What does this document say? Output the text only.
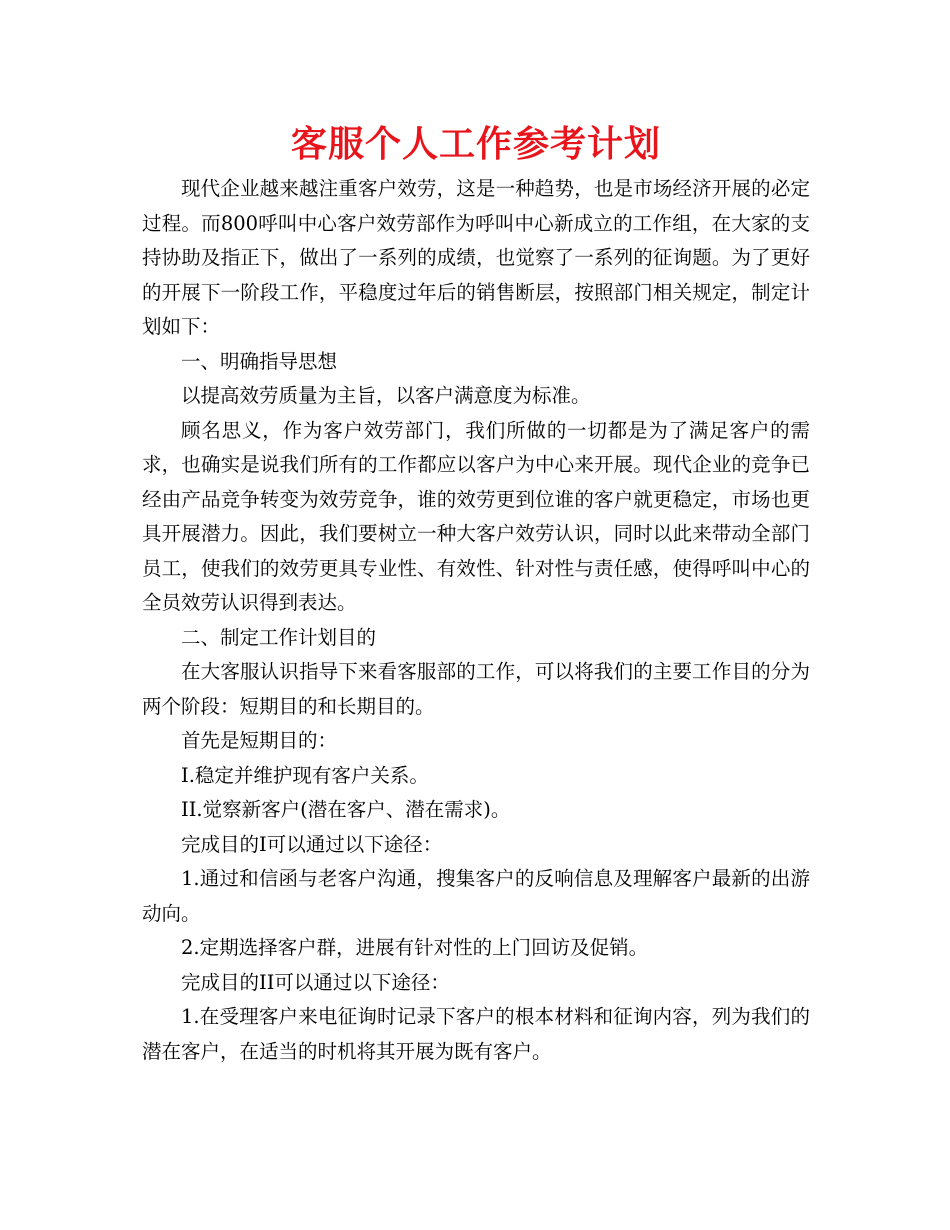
客服个人工作参考计划

现代企业越来越注重客户效劳，这是一种趋势，也是市场经济开展的必定过程。而800呼叫中心客户效劳部作为呼叫中心新成立的工作组，在大家的支持协助及指正下，做出了一系列的成绩，也觉察了一系列的征询题。为了更好的开展下一阶段工作，平稳度过年后的销售断层，按照部门相关规定，制定计划如下：

一、明确指导思想

以提高效劳质量为主旨，以客户满意度为标准。

顾名思义，作为客户效劳部门，我们所做的一切都是为了满足客户的需求，也确实是说我们所有的工作都应以客户为中心来开展。现代企业的竞争已经由产品竞争转变为效劳竞争，谁的效劳更到位谁的客户就更稳定，市场也更具开展潜力。因此，我们要树立一种大客户效劳认识，同时以此来带动全部门员工，使我们的效劳更具专业性、有效性、针对性与责任感，使得呼叫中心的全员效劳认识得到表达。

二、制定工作计划目的

在大客服认识指导下来看客服部的工作，可以将我们的主要工作目的分为两个阶段：短期目的和长期目的。

首先是短期目的：

I.稳定并维护现有客户关系。

II.觉察新客户(潜在客户、潜在需求)。

完成目的I可以通过以下途径：

1.通过和信函与老客户沟通，搜集客户的反响信息及理解客户最新的出游动向。

2.定期选择客户群，进展有针对性的上门回访及促销。

完成目的II可以通过以下途径：

1.在受理客户来电征询时记录下客户的根本材料和征询内容，列为我们的潜在客户，在适当的时机将其开展为既有客户。
